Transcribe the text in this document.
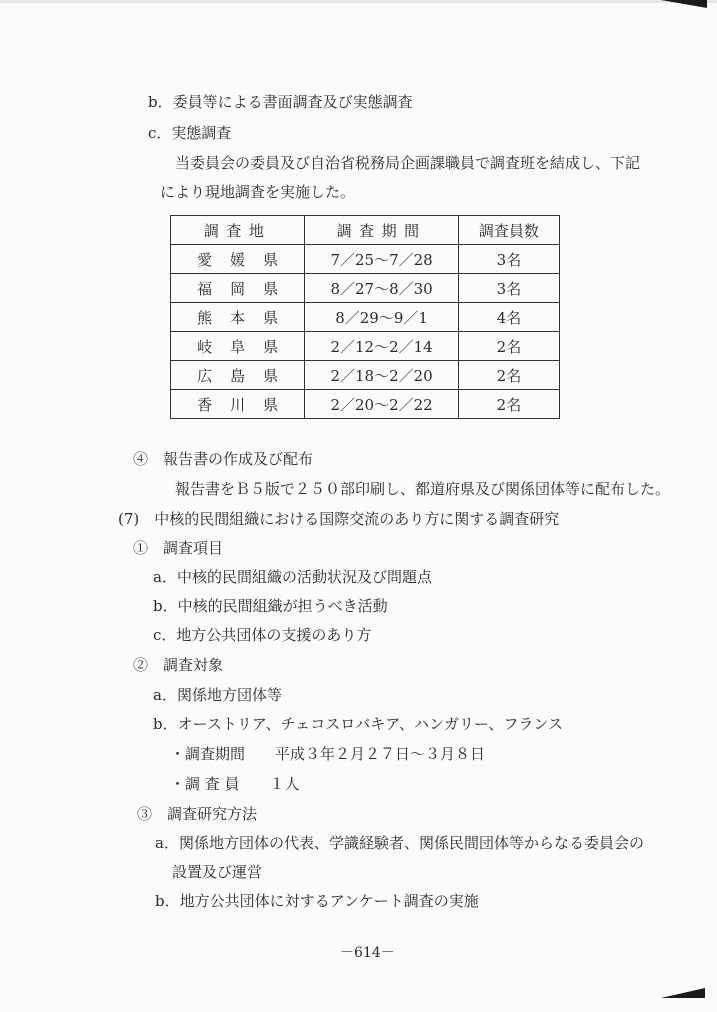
b．委員等による書面調査及び実態調査
c．実態調査
当委員会の委員及び自治省税務局企画課職員で調査班を結成し、下記
により現地調査を実施した。
調査地	調査期間	調査員数
愛媛県	7／25～7／28	3名
福岡県	8／27～8／30	3名
熊本県	8／29～9／1	4名
岐阜県	2／12～2／14	2名
広島県	2／18～2／20	2名
香川県	2／20～2／22	2名
④　報告書の作成及び配布
報告書をＢ５版で２５０部印刷し、都道府県及び関係団体等に配布した。
(7)　中核的民間組織における国際交流のあり方に関する調査研究
①　調査項目
a．中核的民間組織の活動状況及び問題点
b．中核的民間組織が担うべき活動
c．地方公共団体の支援のあり方
②　調査対象
a．関係地方団体等
b．オーストリア、チェコスロバキア、ハンガリー、フランス
・調査期間　　平成３年２月２７日～３月８日
・調 査 員　　１人
③　調査研究方法
a．関係地方団体の代表、学識経験者、関係民間団体等からなる委員会の
設置及び運営
b．地方公共団体に対するアンケート調査の実施
－614－
